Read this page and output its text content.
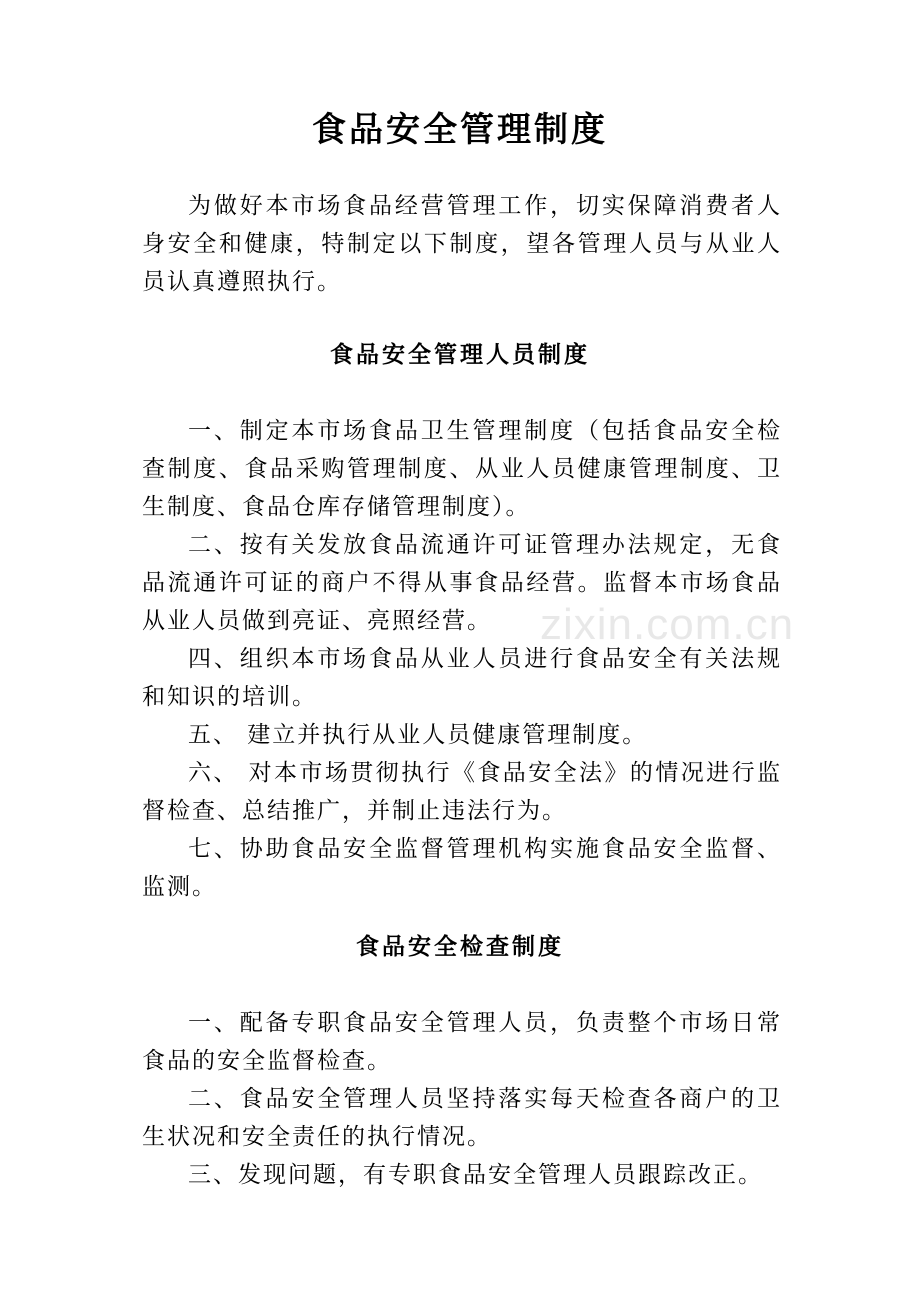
食品安全管理制度

为做好本市场食品经营管理工作，切实保障消费者人身安全和健康，特制定以下制度，望各管理人员与从业人员认真遵照执行。

食品安全管理人员制度

一、制定本市场食品卫生管理制度（包括食品安全检查制度、食品采购管理制度、从业人员健康管理制度、卫生制度、食品仓库存储管理制度）。

二、按有关发放食品流通许可证管理办法规定，无食品流通许可证的商户不得从事食品经营。监督本市场食品从业人员做到亮证、亮照经营。

四、组织本市场食品从业人员进行食品安全有关法规和知识的培训。

五、 建立并执行从业人员健康管理制度。

六、 对本市场贯彻执行《食品安全法》的情况进行监督检查、总结推广，并制止违法行为。

七、协助食品安全监督管理机构实施食品安全监督、监测。

食品安全检查制度

一、配备专职食品安全管理人员，负责整个市场日常食品的安全监督检查。

二、食品安全管理人员坚持落实每天检查各商户的卫生状况和安全责任的执行情况。

三、发现问题，有专职食品安全管理人员跟踪改正。

zixin.com.cn
